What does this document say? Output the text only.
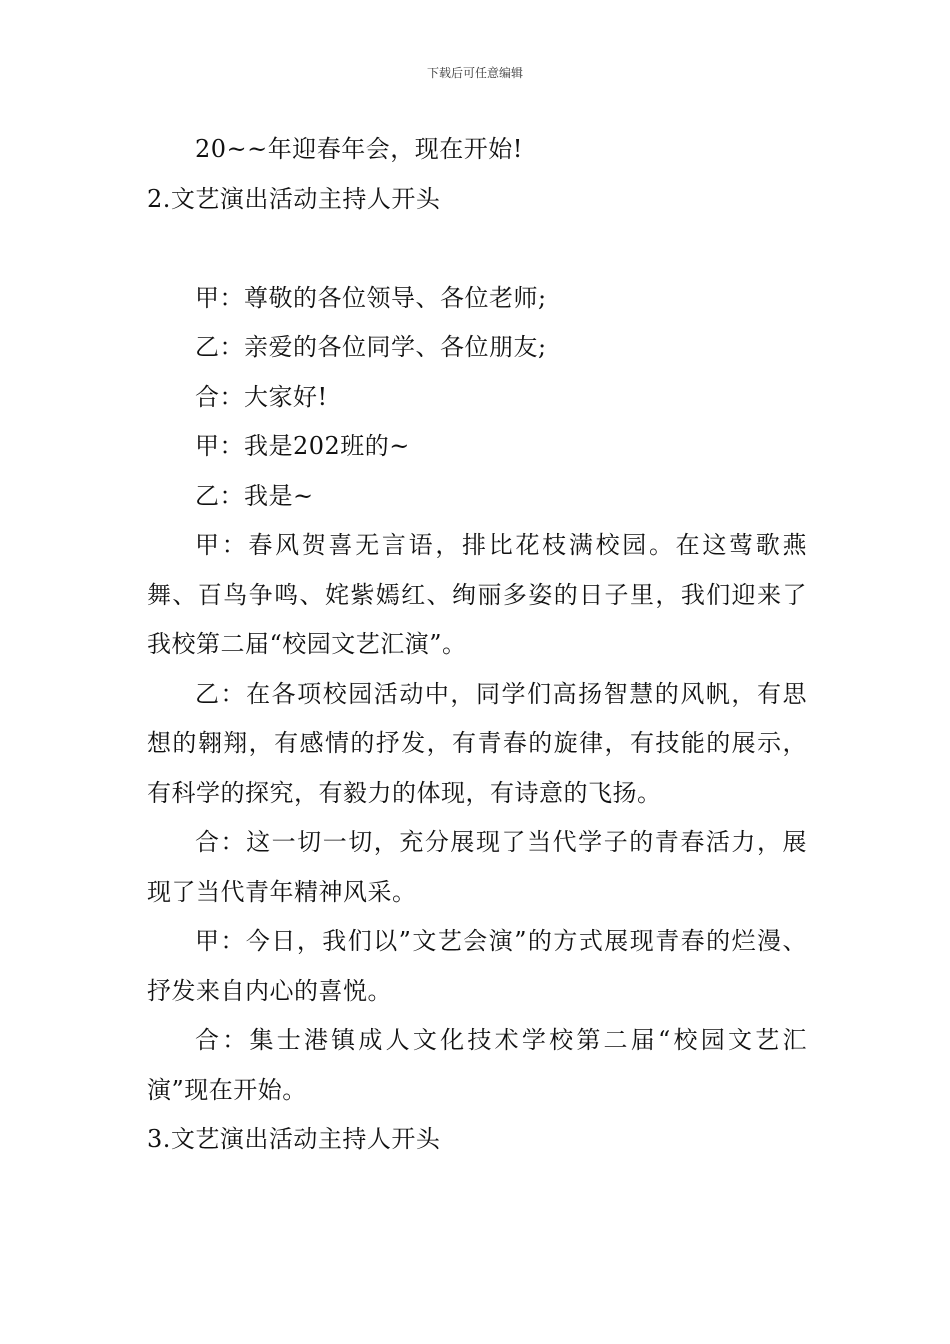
下载后可任意编辑

20~~年迎春年会，现在开始!

2.文艺演出活动主持人开头

甲：尊敬的各位领导、各位老师;

乙：亲爱的各位同学、各位朋友;

合：大家好!

甲：我是202班的~

乙：我是~

甲：春风贺喜无言语，排比花枝满校园。在这莺歌燕舞、百鸟争鸣、姹紫嫣红、绚丽多姿的日子里，我们迎来了我校第二届“校园文艺汇演”。

乙：在各项校园活动中，同学们高扬智慧的风帆，有思想的翱翔，有感情的抒发，有青春的旋律，有技能的展示，有科学的探究，有毅力的体现，有诗意的飞扬。

合：这一切一切，充分展现了当代学子的青春活力，展现了当代青年精神风采。

甲：今日，我们以”文艺会演”的方式展现青春的烂漫、抒发来自内心的喜悦。

合：集士港镇成人文化技术学校第二届“校园文艺汇演”现在开始。

3.文艺演出活动主持人开头
